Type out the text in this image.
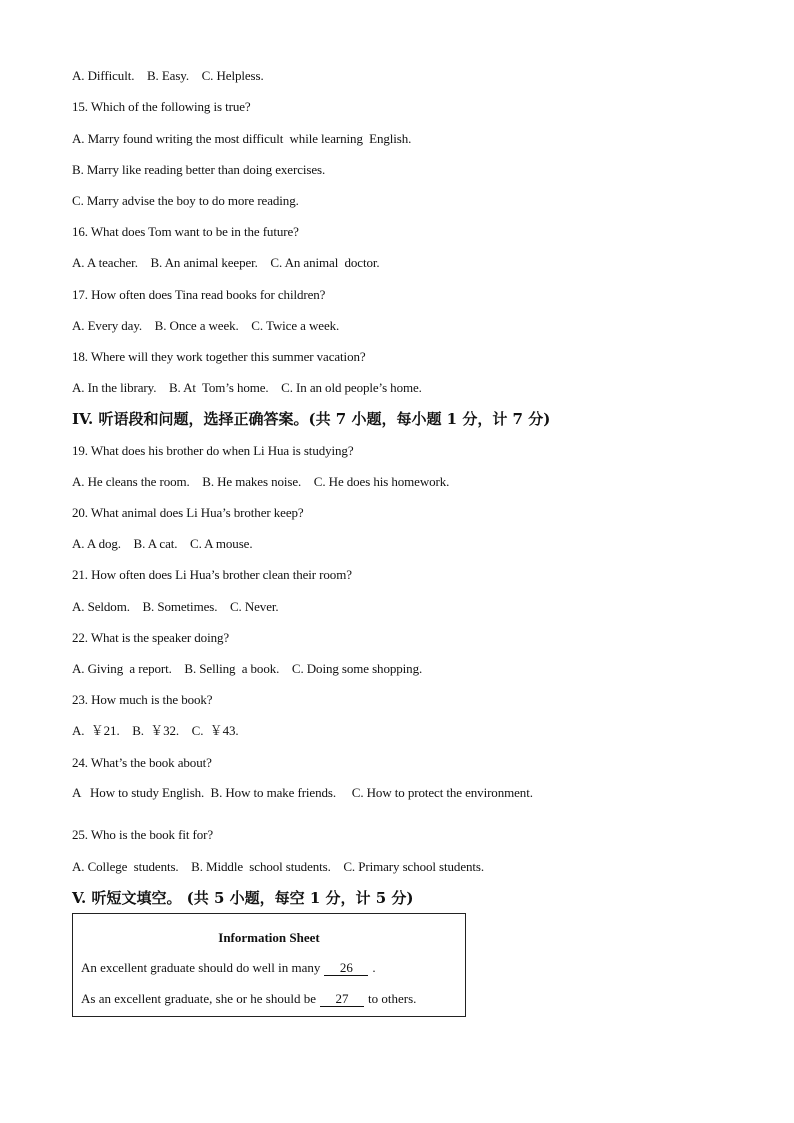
A. Difficult.    B. Easy.    C. Helpless.
15. Which of the following is true?
A. Marry found writing the most difficult  while learning  English.
B. Marry like reading better than doing exercises.
C. Marry advise the boy to do more reading.
16. What does Tom want to be in the future?
A. A teacher.    B. An animal keeper.    C. An animal  doctor.
17. How often does Tina read books for children?
A. Every day.    B. Once a week.    C. Twice a week.
18. Where will they work together this summer vacation?
A. In the library.    B. At  Tom’s home.    C. In an old people’s home.
IV. 听语段和问题，选择正确答案。(共 7 小题，每小题 1 分，计 7 分)
19. What does his brother do when Li Hua is studying?
A. He cleans the room.    B. He makes noise.    C. He does his homework.
20. What animal does Li Hua’s brother keep?
A. A dog.    B. A cat.    C. A mouse.
21. How often does Li Hua’s brother clean their room?
A. Seldom.    B. Sometimes.    C. Never.
22. What is the speaker doing?
A. Giving  a report.    B. Selling  a book.    C. Doing some shopping.
23. How much is the book?
A.  ￥21.    B.  ￥32.    C.  ￥43.
24. What’s the book about?
A   How to study English.  B. How to make friends.     C. How to protect the environment.
25. Who is the book fit for?
A. College  students.    B. Middle  school students.    C. Primary school students.
V. 听短文填空。 (共 5 小题，每空 1 分，计 5 分)
Information Sheet
An excellent graduate should do well in many 26 .
As an excellent graduate, she or he should be 27 to others.
